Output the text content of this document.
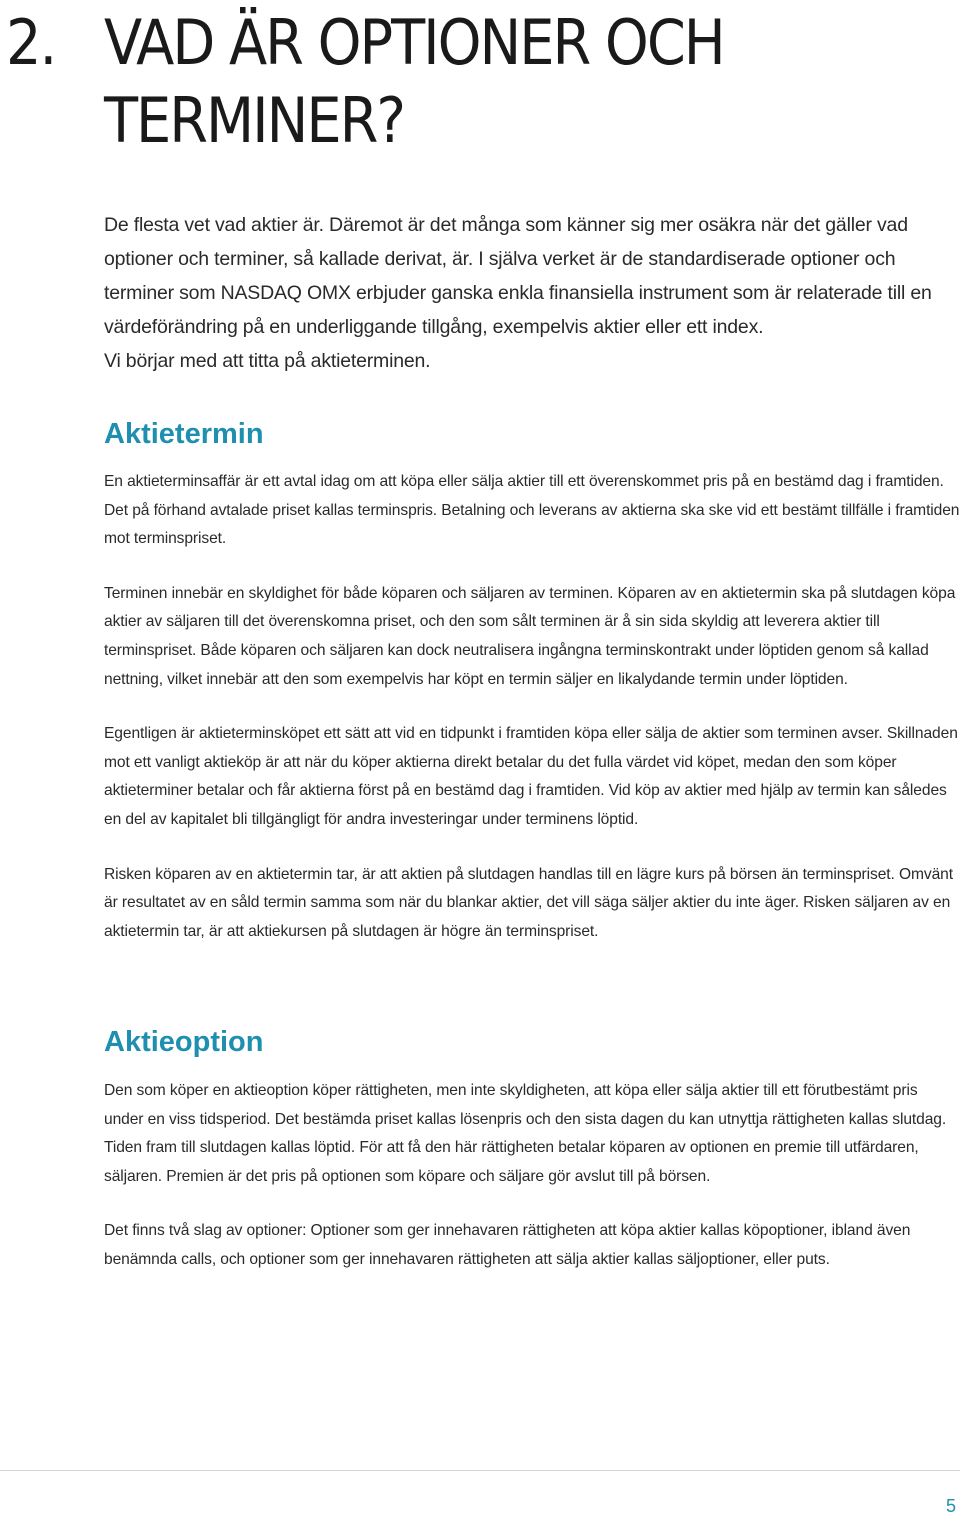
2. VAD ÄR OPTIONER OCH TERMINER?

De flesta vet vad aktier är. Däremot är det många som känner sig mer osäkra när det gäller vad optioner och terminer, så kallade derivat, är. I själva verket är de standardiserade optioner och terminer som NASDAQ OMX erbjuder ganska enkla finansiella instrument som är relaterade till en värdeförändring på en underliggande tillgång, exempelvis aktier eller ett index.

Vi börjar med att titta på aktieterminen.

Aktietermin

En aktieterminsaffär är ett avtal idag om att köpa eller sälja aktier till ett överenskommet pris på en bestämd dag i framtiden. Det på förhand avtalade priset kallas terminspris. Betalning och leverans av aktierna ska ske vid ett bestämt tillfälle i framtiden mot terminspriset.

Terminen innebär en skyldighet för både köparen och säljaren av terminen. Köparen av en aktietermin ska på slutdagen köpa aktier av säljaren till det överenskomna priset, och den som sålt terminen är å sin sida skyldig att leverera aktier till terminspriset. Både köparen och säljaren kan dock neutralisera ingångna terminskontrakt under löptiden genom så kallad nettning, vilket innebär att den som exempelvis har köpt en termin säljer en likalydande termin under löptiden.

Egentligen är aktieterminsköpet ett sätt att vid en tidpunkt i framtiden köpa eller sälja de aktier som terminen avser. Skillnaden mot ett vanligt aktieköp är att när du köper aktierna direkt betalar du det fulla värdet vid köpet, medan den som köper aktieterminer betalar och får aktierna först på en bestämd dag i framtiden. Vid köp av aktier med hjälp av termin kan således en del av kapitalet bli tillgängligt för andra investeringar under terminens löptid.

Risken köparen av en aktietermin tar, är att aktien på slutdagen handlas till en lägre kurs på börsen än terminspriset. Omvänt är resultatet av en såld termin samma som när du blankar aktier, det vill säga säljer aktier du inte äger. Risken säljaren av en aktietermin tar, är att aktiekursen på slutdagen är högre än terminspriset.

Aktieoption

Den som köper en aktieoption köper rättigheten, men inte skyldigheten, att köpa eller sälja aktier till ett förutbestämt pris under en viss tidsperiod. Det bestämda priset kallas lösenpris och den sista dagen du kan utnyttja rättigheten kallas slutdag. Tiden fram till slutdagen kallas löptid. För att få den här rättigheten betalar köparen av optionen en premie till utfärdaren, säljaren. Premien är det pris på optionen som köpare och säljare gör avslut till på börsen.

Det finns två slag av optioner: Optioner som ger innehavaren rättigheten att köpa aktier kallas köpoptioner, ibland även benämnda calls, och optioner som ger innehavaren rättigheten att sälja aktier kallas säljoptioner, eller puts.

5
